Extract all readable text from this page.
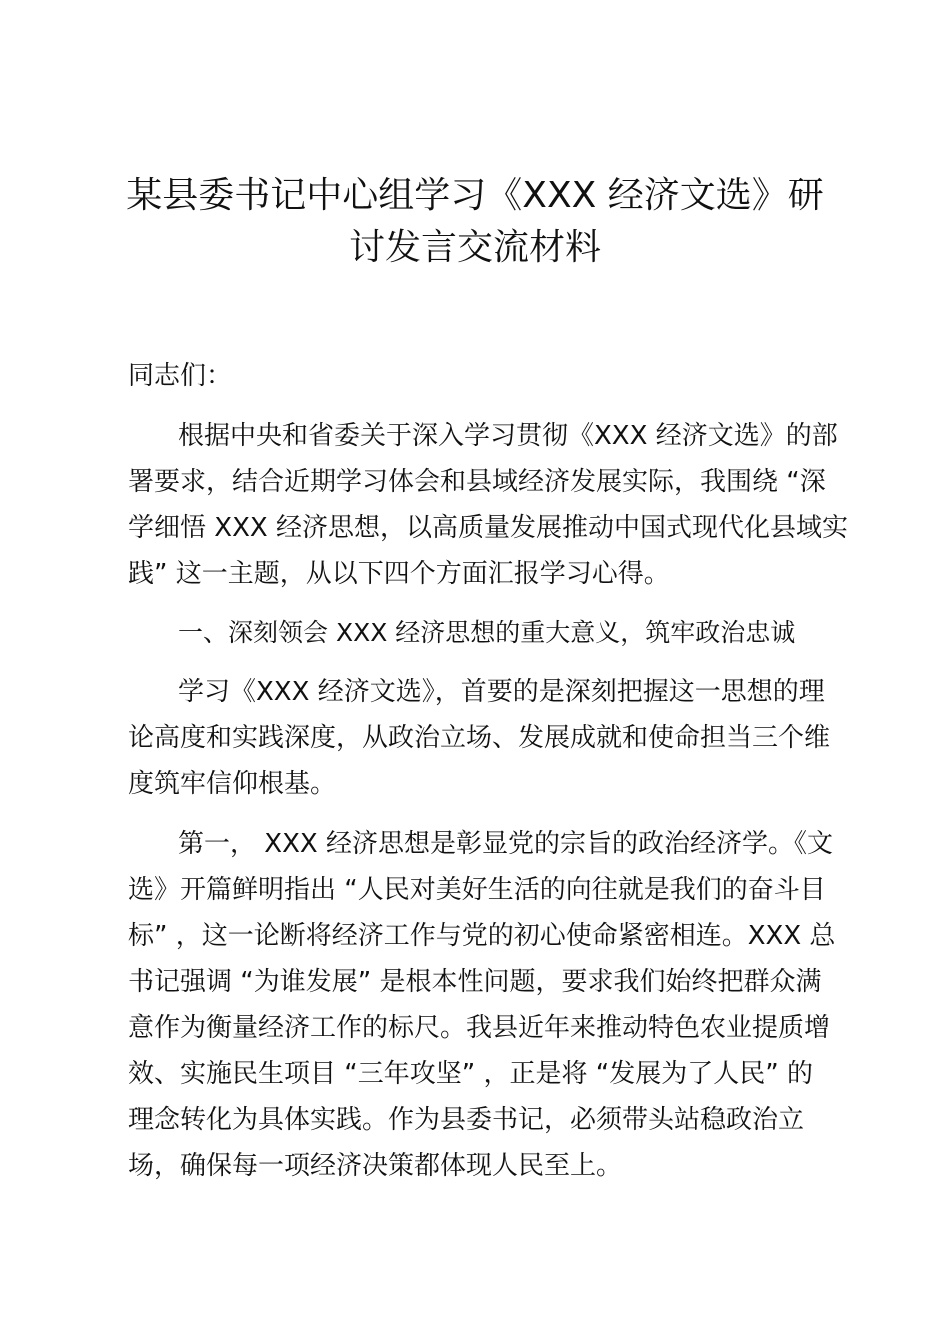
某县委书记中心组学习《XXX 经济文选》研
讨发言交流材料

同志们：

根据中央和省委关于深入学习贯彻《XXX 经济文选》的部

署要求，结合近期学习体会和县域经济发展实际，我围绕 “深

学细悟 XXX 经济思想，以高质量发展推动中国式现代化县域实

践” 这一主题，从以下四个方面汇报学习心得。

一、深刻领会 XXX 经济思想的重大意义，筑牢政治忠诚

学习《XXX 经济文选》，首要的是深刻把握这一思想的理

论高度和实践深度，从政治立场、发展成就和使命担当三个维

度筑牢信仰根基。

第一， XXX 经济思想是彰显党的宗旨的政治经济学。《文

选》开篇鲜明指出 “人民对美好生活的向往就是我们的奋斗目

标” ，这一论断将经济工作与党的初心使命紧密相连。XXX 总

书记强调 “为谁发展” 是根本性问题，要求我们始终把群众满

意作为衡量经济工作的标尺。我县近年来推动特色农业提质增

效、实施民生项目 “三年攻坚” ，正是将 “发展为了人民” 的

理念转化为具体实践。作为县委书记，必须带头站稳政治立

场，确保每一项经济决策都体现人民至上。
